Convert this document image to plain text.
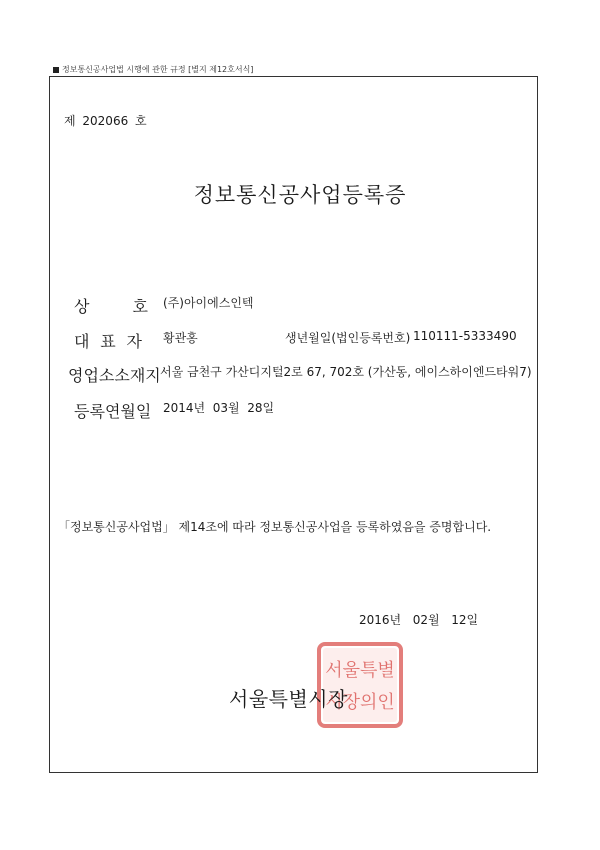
정보통신공사업법 시행에 관한 규정 [별지 제12호서식]
제 202066 호
정보통신공사업등록증
상	호 (주)아이에스인텍
대 표 자 황관홍	생년월일(법인등록번호) 110111-5333490
영업소소재지 서울 금천구 가산디지털2로 67, 702호 (가산동, 에이스하이엔드타워7)
등 록 연 월 일 2014년  03월  28일
「정보통신공사업법」 제14조에 따라 정보통신공사업을 등록하였음을 증명합니다.
2016년  02월  12일
서울특별
시장의인
서울특별시장
